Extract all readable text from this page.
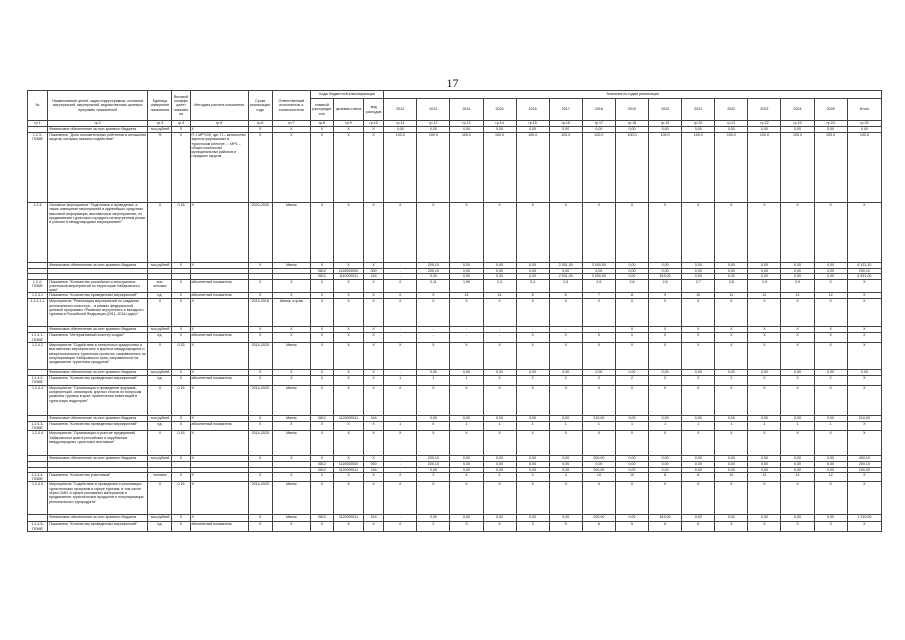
17
№	Наименование целей, задач подпрограммы, основных мероприятий, мероприятий, ведомственных целевых программ, показателей	Единица измерения показателя	Весовой коэффициент показателя	Методика расчета показателя	Сроки реализации, годы	Ответственный исполнитель и соисполнители	Коды бюджетной классификации			Значения по годам реализации														
							главный распорядитель	целевая статья	вид расходов	2012	2013	2014	2015	2016	2017	2018	2019	2020	2021	2022	2023	2024	2025	Итого
гр.1	гр.2	гр.3	гр.4	гр.5	гр.6	гр.7	гр.8	гр.9	гр.10	гр.11	гр.12	гр.13	гр.14	гр.15	гр.16	гр.17	гр.18	гр.19	гр.20	гр.21	гр.22	гр.23	гр.24	гр.25
	Финансовое обеспечение за счет краевого бюджета	тыс.рублей	Х	Х	Х	Х	Х	Х	Х	0,00	0,00	0,00	0,00	0,00	0,00	0,00	0,00	0,00	0,00	0,00	0,00	0,00	0,00	0,00
1.2.3-ПОМЕ	Показатель "Доля положительных рейтингов в отношении округов, которым оказаны содействие"	%	Х	П.1 МР*100, где: П – количество зарегистрированных в туристском реестре…; МР1 – общее количество муниципальных районов и городских округов	Х	Х	Х	Х	Х	100,0	100,0	100,0	100,0	100,0	100,0	100,0	100,0	100,0	100,0	100,0	100,0	100,0	100,0	100,0
1.2.4	Основное мероприятие "Подготовка и проведение, а также освещение мероприятий в крупнейших средствах массовой информации, выставочных мероприятиях, по продвижению туристского продукта на внутреннем рынке и участие в международных мероприятиях"	Х	0,18	Х	2020-2025	Минэк	Х	Х	Х	Х	Х	Х	Х	Х	Х	Х	Х	Х	Х	Х	Х	Х	Х	Х
	Финансовое обеспечение за счет краевого бюджета	тыс.рублей	Х	Х	Х	Минэк	Х	Х	Х	-	200,10	0,00	0,00	0,00	2 931,00	3 000,00	0,00	0,00	0,00	0,00	0,00	0,00	0,00	6 131,10
							0812	1110000000	000	-	200,10	0,00	0,00	0,00	0,00	0,00	0,00	0,00	0,00	0,00	0,00	0,00	0,00	200,10
							0812	1110099111	244	-	0,00	0,00	0,00	0,00	2 931,00	3 000,00	0,00	519,00	0,00	0,00	0,00	0,00	0,00	5 931,00
1.2.4-ПОМЕ	Показатель "Количество российских и иностранных участников мероприятий по территории Хабаровского края"	тыс. человек	Х	абсолютный показатель	Х	Х	Х	Х	Х	0	0,11	1,96	2,3	2,4	2,5	2,6	2,6	2,6	2,7	2,8	2,9	2,9	Х	Х
1.2.4.1	Показатель "Количество проведенных мероприятий"	ед.	Х	абсолютный показатель	Х	Х	Х	Х	Х	0	9	13	14	5	6	7	8	9	10	11	12	12	12	Х
1.2.4.1.1	Мероприятие "Реализация мероприятий по созданию регионального кластера… в рамках федеральной целевой программы «Развитие внутреннего и въездного туризма в Российской Федерации (2011–2018 годы)»"	Х	Х	Х	2013-2018	Минэк, стр-ва	Х	Х	Х	Х	Х	Х	Х	Х	Х	Х	Х	Х	Х	Х	Х	Х	Х	Х
	Финансовое обеспечение за счет краевого бюджета	тыс.рублей	Х	Х	Х	Х	Х	Х	Х	-	-	-	-	-	-	-	Х	Х	Х	Х	Х	Х	Х	Х
1.2.4.1-ПОМЕ	Показатель "Интерактивный кластер создан"	ед.	Х	абсолютный показатель	Х	Х	Х	Х	Х	-	-	-	-	0	0	0	Х	Х	Х	Х	Х	Х	Х	Х
1.2.4.2	Мероприятие "Содействие в интересных ярмарочных и выставочных мероприятиях и крупных международных и межрегиональных туристских проектах, направленных на популяризацию Хабаровского края, направленное на продвижение туристских продуктов"	Х	0,33	Х	2014-2025	Минэк	Х	Х	Х	Х	Х	Х	Х	Х	Х	Х	Х	Х	Х	Х	Х	Х	Х	Х
	Финансовое обеспечение за счет краевого бюджета	тыс.рублей	Х	Х	Х	Х	Х	Х	Х	-	0,00	0,00	0,00	0,00	0,00	0,00	0,00	0,00	0,00	0,00	0,00	0,00	0,00	0,00
1.2.4.2-ПОМЕ	Показатель "Количество проведенных мероприятий"	ед.	Х	абсолютный показатель	Х	Х	Х	Х	Х	1	1	1	2	2	2	2	2	2	2	2	2	2	2	Х
1.2.4.3	Мероприятие "Организация и проведение форумов, конференций, семинаров, круглых столов по вопросам развития туризма в крае, привлечения инвестиций в туристскую индустрию"	Х	0,15	Х	2014-2025	Минэк	Х	Х	Х	Х	Х	Х	Х	Х	Х	Х	Х	Х	Х	Х	Х	Х	Х	Х
	Финансовое обеспечение за счет краевого бюджета	тыс.рублей	Х	Х	Х	Минэк	0812	1120099111	244	-	0,00	0,00	0,00	0,00	0,00	210,00	0,00	0,00	0,00	0,00	0,00	0,00	0,00	210,00
1.2.4.3-ПОМЕ	Показатель "Количество проведенных мероприятий"	ед.	Х	абсолютный показатель	Х	Х	Х	Х	Х	1	0	1	1	1	1	1	1	1	1	1	1	1	1	Х
1.2.4.4	Мероприятие "Организация и участие предприятий Хабаровского края в российских и зарубежных международных туристских выставках"	Х	0,15	Х	2014-2025	Минэк	Х	Х	Х	Х	Х	Х	Х	Х	Х	Х	Х	Х	Х	Х	Х	Х	Х	Х
	Финансовое обеспечение за счет краевого бюджета	тыс.рублей	Х	Х	Х	Х	Х	Х	Х	-	200,10	0,00	0,00	0,00	0,00	200,00	0,00	0,00	0,00	0,00	0,00	0,00	0,00	400,10
							0812	1110000000	000	-	200,10	0,00	0,00	0,00	0,00	0,00	0,00	0,00	0,00	0,00	0,00	0,00	0,00	200,10
							0812	1120099111	244	-	0,00	0,00	0,00	0,00	0,00	200,00	0,00	0,00	0,00	0,00	0,00	0,00	0,00	200,00
1.2.4.4-ПОМЕ	Показатель "Количество участников"	человек	Х	Х	Х	Х	Х	Х	Х	Х	2	4	2	2	4	10	10	8	8	10	12	12	12	Х
1.2.4.5	Мероприятие "Содействие в проведении и реализации туристических программ в сфере туризма, в том числе через CMИ, в сфере рекламных материалов и продвижение туристических продуктов и популяризация регионального турпродукта"	Х	0,15	Х	2014-2025	Минэк	Х	Х	Х	Х	Х	Х	Х	Х	Х	Х	Х	Х	Х	Х	Х	Х	Х	Х
	Финансовое обеспечение за счет краевого бюджета	тыс.рублей	Х	Х	Х	Минэк	0812	1120099111	244	-	0,00	0,00	0,00	0,00	0,00	200,00	0,00	519,00	0,00	0,00	0,00	0,00	0,00	1 319,00
1.2.4.5-ПОМЕ	Показатель "Количество проведенных мероприятий"	ед.	Х	абсолютный показатель	Х	Х	Х	Х	Х	0	2	3	5	3	5	6	5	6	6	3	3	3	3	Х
